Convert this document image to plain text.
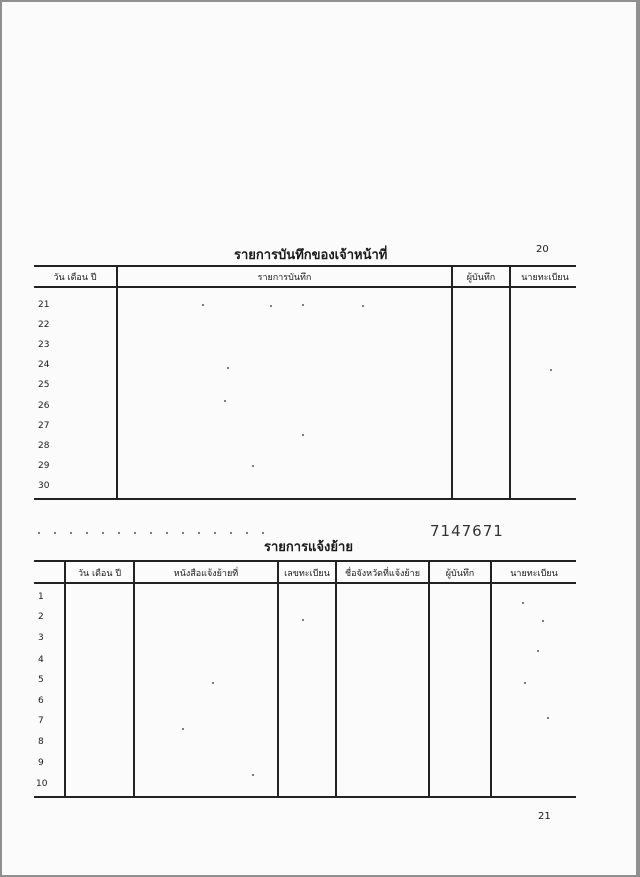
รายการบันทึกของเจ้าหน้าที่	20
วัน เดือน ปี	รายการบันทึก	ผู้บันทึก	นายทะเบียน
21
22
23
24
25
26
27
28
29
30
7147671
รายการแจ้งย้าย
วัน เดือน ปี	หนังสือแจ้งย้ายที่	เลขทะเบียน	ชื่อจังหวัดที่แจ้งย้าย	ผู้บันทึก	นายทะเบียน
1
2
3
4
5
6
7
8
9
10
21
